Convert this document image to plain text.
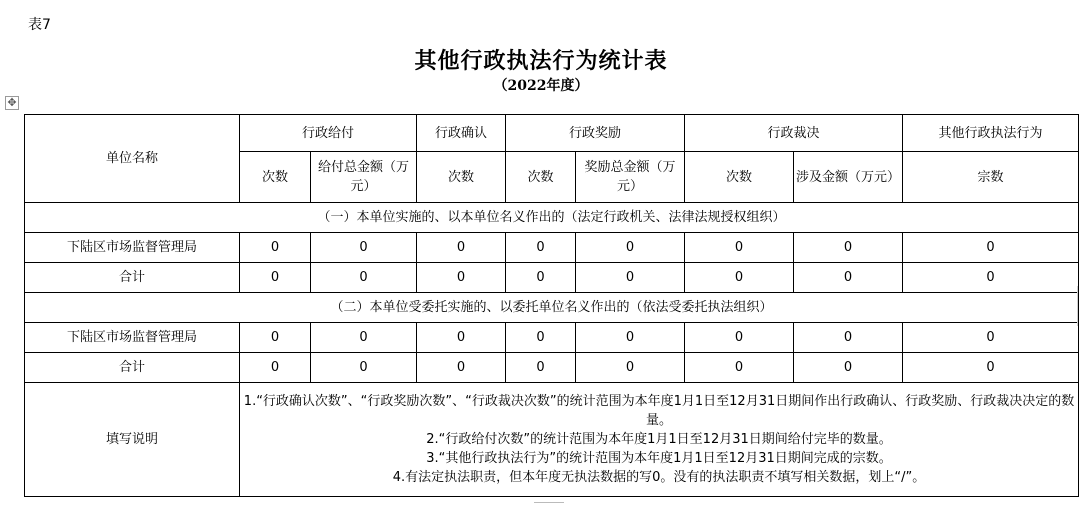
表7
其他行政执法行为统计表
（2022年度）
✥
单位名称	行政给付		行政确认	行政奖励		行政裁决		其他行政执法行为
	次数	给付总金额（万元）	次数	次数	奖励总金额（万元）	次数	涉及金额（万元）	宗数
（一）本单位实施的、以本单位名义作出的（法定行政机关、法律法规授权组织）								
下陆区市场监督管理局	0	0	0	0	0	0	0	0
合计	0	0	0	0	0	0	0	0
（二）本单位受委托实施的、以委托单位名义作出的（依法受委托执法组织）								
下陆区市场监督管理局	0	0	0	0	0	0	0	0
合计	0	0	0	0	0	0	0	0
填写说明	1.“行政确认次数”、“行政奖励次数”、“行政裁决次数”的统计范围为本年度1月1日至12月31日期间作出行政确认、行政奖励、行政裁决决定的数量。
2.“行政给付次数”的统计范围为本年度1月1日至12月31日期间给付完毕的数量。
3.“其他行政执法行为”的统计范围为本年度1月1日至12月31日期间完成的宗数。
4.有法定执法职责，但本年度无执法数据的写0。没有的执法职责不填写相关数据，划上“/”。							
